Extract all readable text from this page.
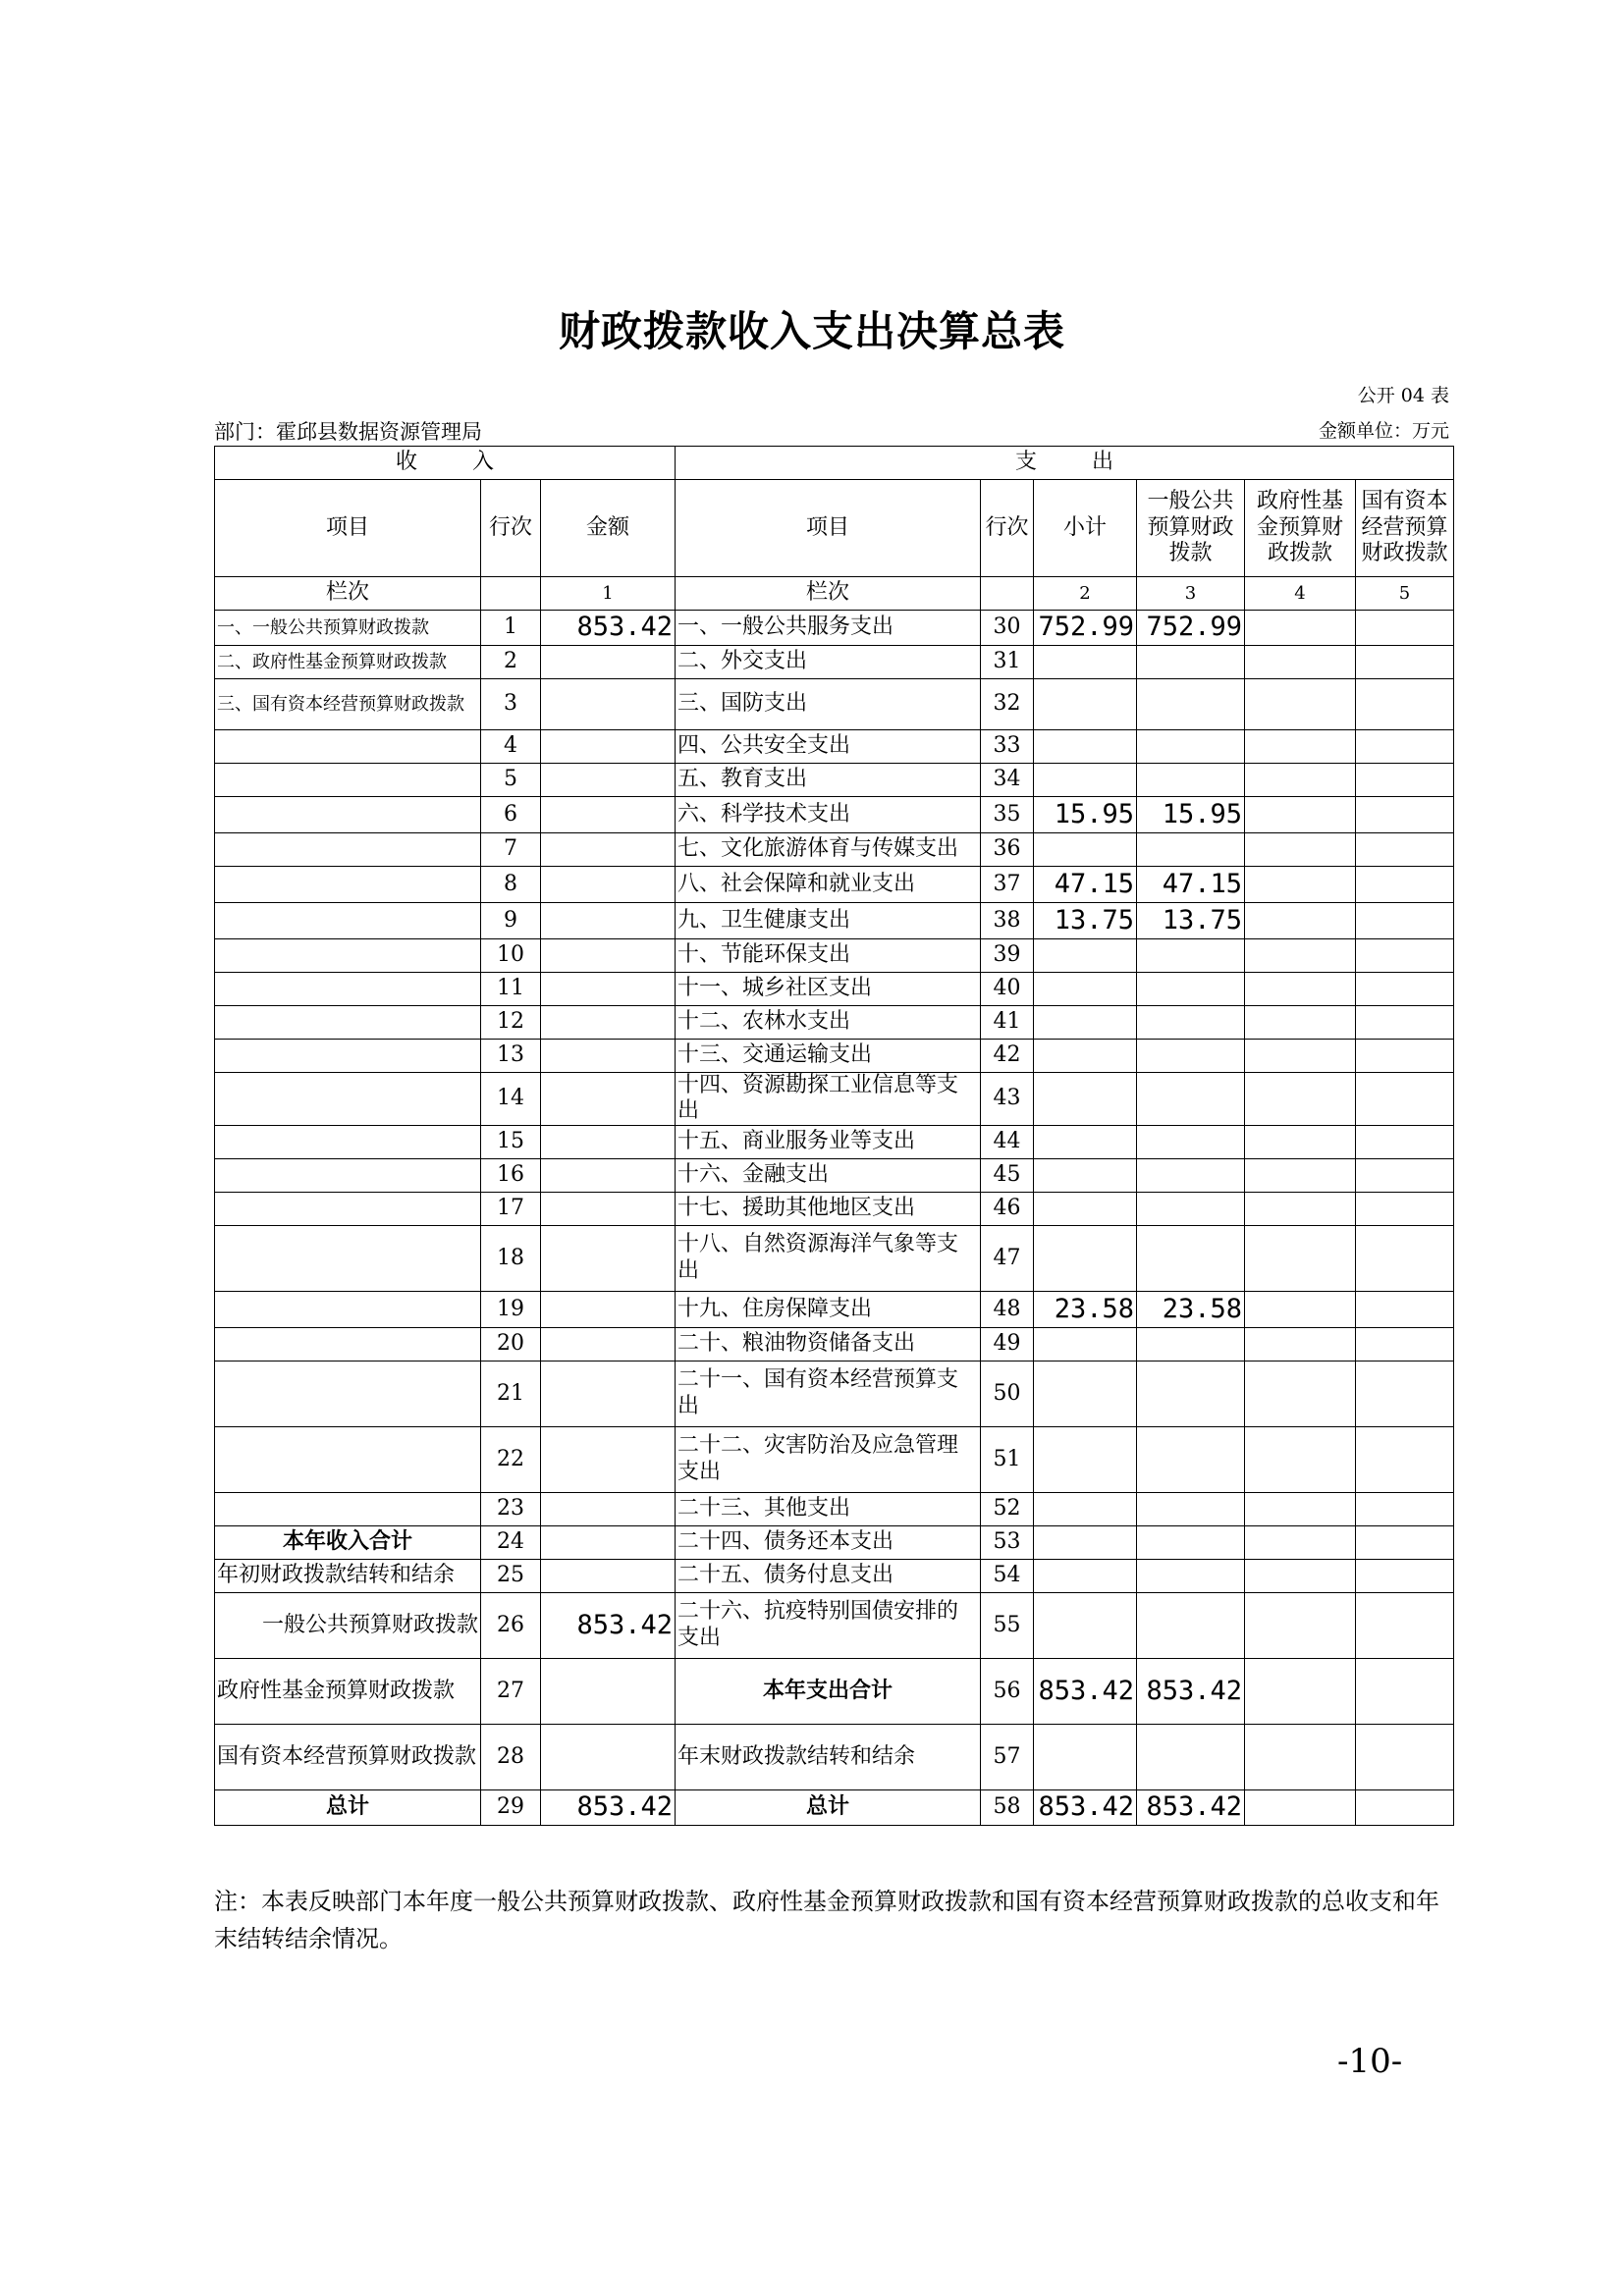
财政拨款收入支出决算总表
公开 04 表
部门：霍邱县数据资源管理局	金额单位：万元
收        入			支        出					
项目	行次	金额	项目	行次	小计	一般公共预算财政拨款	政府性基金预算财政拨款	国有资本经营预算财政拨款
栏次		1	栏次		2	3	4	5
一、一般公共预算财政拨款	1	853.42	一、一般公共服务支出	30	752.99	752.99		
二、政府性基金预算财政拨款	2		二、外交支出	31				
三、国有资本经营预算财政拨款	3		三、国防支出	32				
	4		四、公共安全支出	33				
	5		五、教育支出	34				
	6		六、科学技术支出	35	15.95	15.95		
	7		七、文化旅游体育与传媒支出	36				
	8		八、社会保障和就业支出	37	47.15	47.15		
	9		九、卫生健康支出	38	13.75	13.75		
	10		十、节能环保支出	39				
	11		十一、城乡社区支出	40				
	12		十二、农林水支出	41				
	13		十三、交通运输支出	42				
	14		十四、资源勘探工业信息等支出	43				
	15		十五、商业服务业等支出	44				
	16		十六、金融支出	45				
	17		十七、援助其他地区支出	46				
	18		十八、自然资源海洋气象等支出	47				
	19		十九、住房保障支出	48	23.58	23.58		
	20		二十、粮油物资储备支出	49				
	21		二十一、国有资本经营预算支出	50				
	22		二十二、灾害防治及应急管理支出	51				
	23		二十三、其他支出	52				
本年收入合计	24		二十四、债务还本支出	53				
年初财政拨款结转和结余	25		二十五、债务付息支出	54				
一般公共预算财政拨款	26	853.42	二十六、抗疫特别国债安排的支出	55				
政府性基金预算财政拨款	27		本年支出合计	56	853.42	853.42		
国有资本经营预算财政拨款	28		年末财政拨款结转和结余	57				
总计	29	853.42	总计	58	853.42	853.42		
注：本表反映部门本年度一般公共预算财政拨款、政府性基金预算财政拨款和国有资本经营预算财政拨款的总收支和年末结转结余情况。
-10-
